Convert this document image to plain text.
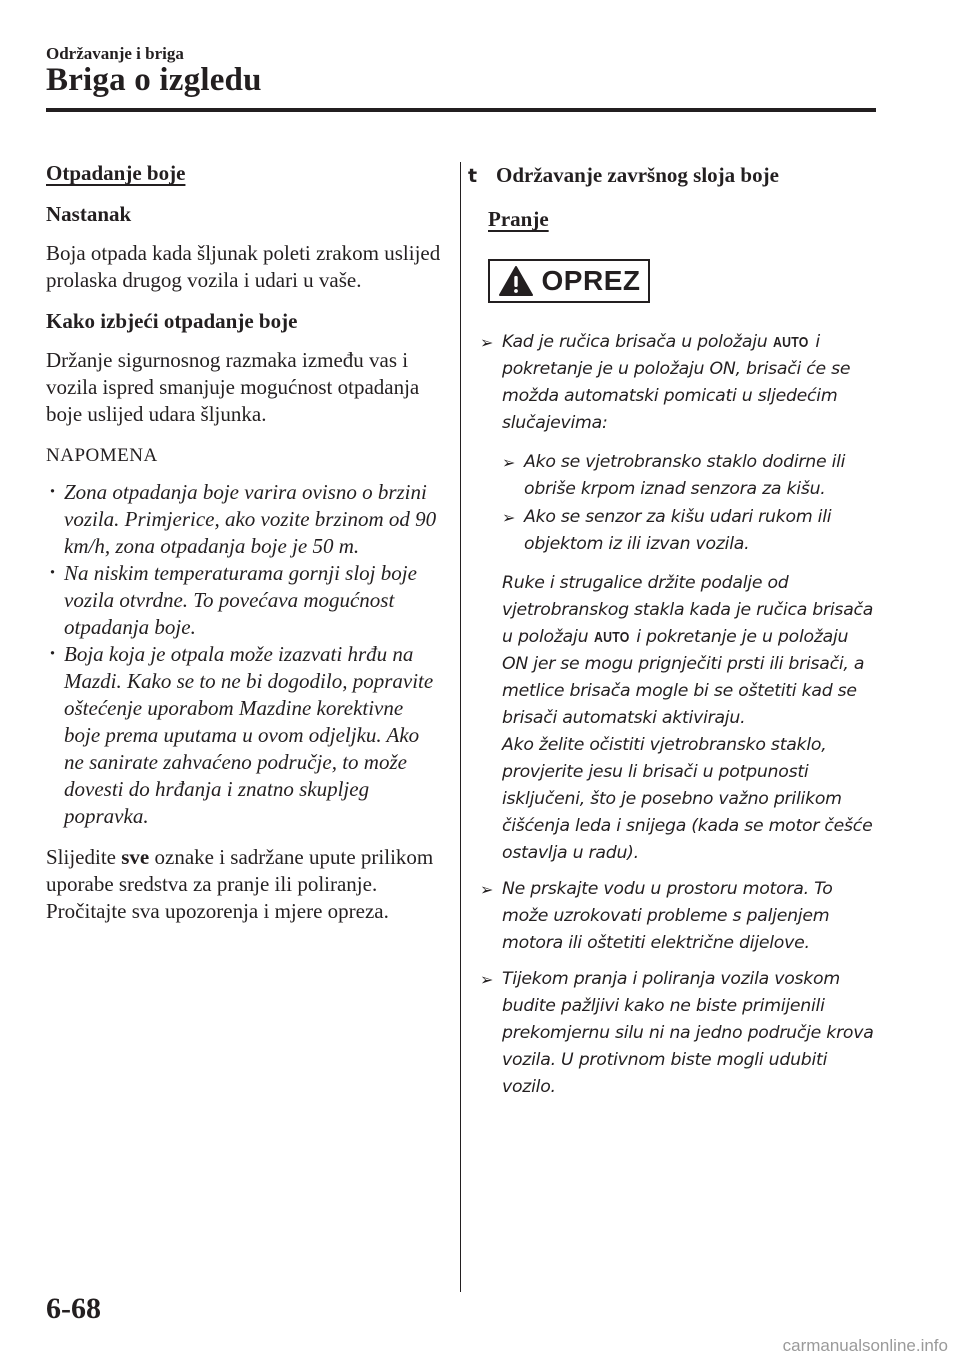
Održavanje i briga
Briga o izgledu
Otpadanje boje
Nastanak

Boja otpada kada šljunak poleti zrakom uslijed prolaska drugog vozila i udari u vaše.

Kako izbjeći otpadanje boje

Držanje sigurnosnog razmaka između vas i vozila ispred smanjuje mogućnost otpadanja boje uslijed udara šljunka.

NAPOMENA

· Zona otpadanja boje varira ovisno o brzini vozila. Primjerice, ako vozite brzinom od 90 km/h, zona otpadanja boje je 50 m.
· Na niskim temperaturama gornji sloj boje vozila otvrdne. To povećava mogućnost otpadanja boje.
· Boja koja je otpala može izazvati hrđu na Mazdi. Kako se to ne bi dogodilo, popravite oštećenje uporabom Mazdine korektivne boje prema uputama u ovom odjeljku. Ako ne sanirate zahvaćeno područje, to može dovesti do hrđanja i znatno skupljeg popravka.

Slijedite sve oznake i sadržane upute prilikom uporabe sredstva za pranje ili poliranje. Pročitajte sva upozorenja i mjere opreza.

t Održavanje završnog sloja boje
Pranje
OPREZ
➢ Kad je ručica brisača u položaju AUTO i pokretanje je u položaju ON, brisači će se možda automatski pomicati u sljedećim slučajevima:
➢ Ako se vjetrobransko staklo dodirne ili obriše krpom iznad senzora za kišu.
➢ Ako se senzor za kišu udari rukom ili objektom iz ili izvan vozila.

Ruke i strugalice držite podalje od vjetrobranskog stakla kada je ručica brisača u položaju AUTO i pokretanje je u položaju ON jer se mogu prignječiti prsti ili brisači, a metlice brisača mogle bi se oštetiti kad se brisači automatski aktiviraju.
Ako želite očistiti vjetrobransko staklo, provjerite jesu li brisači u potpunosti isključeni, što je posebno važno prilikom čišćenja leda i snijega (kada se motor češće ostavlja u radu).

➢ Ne prskajte vodu u prostoru motora. To može uzrokovati probleme s paljenjem motora ili oštetiti električne dijelove.
➢ Tijekom pranja i poliranja vozila voskom budite pažljivi kako ne biste primijenili prekomjernu silu ni na jedno područje krova vozila. U protivnom biste mogli udubiti vozilo.
6-68
carmanualsonline.info
